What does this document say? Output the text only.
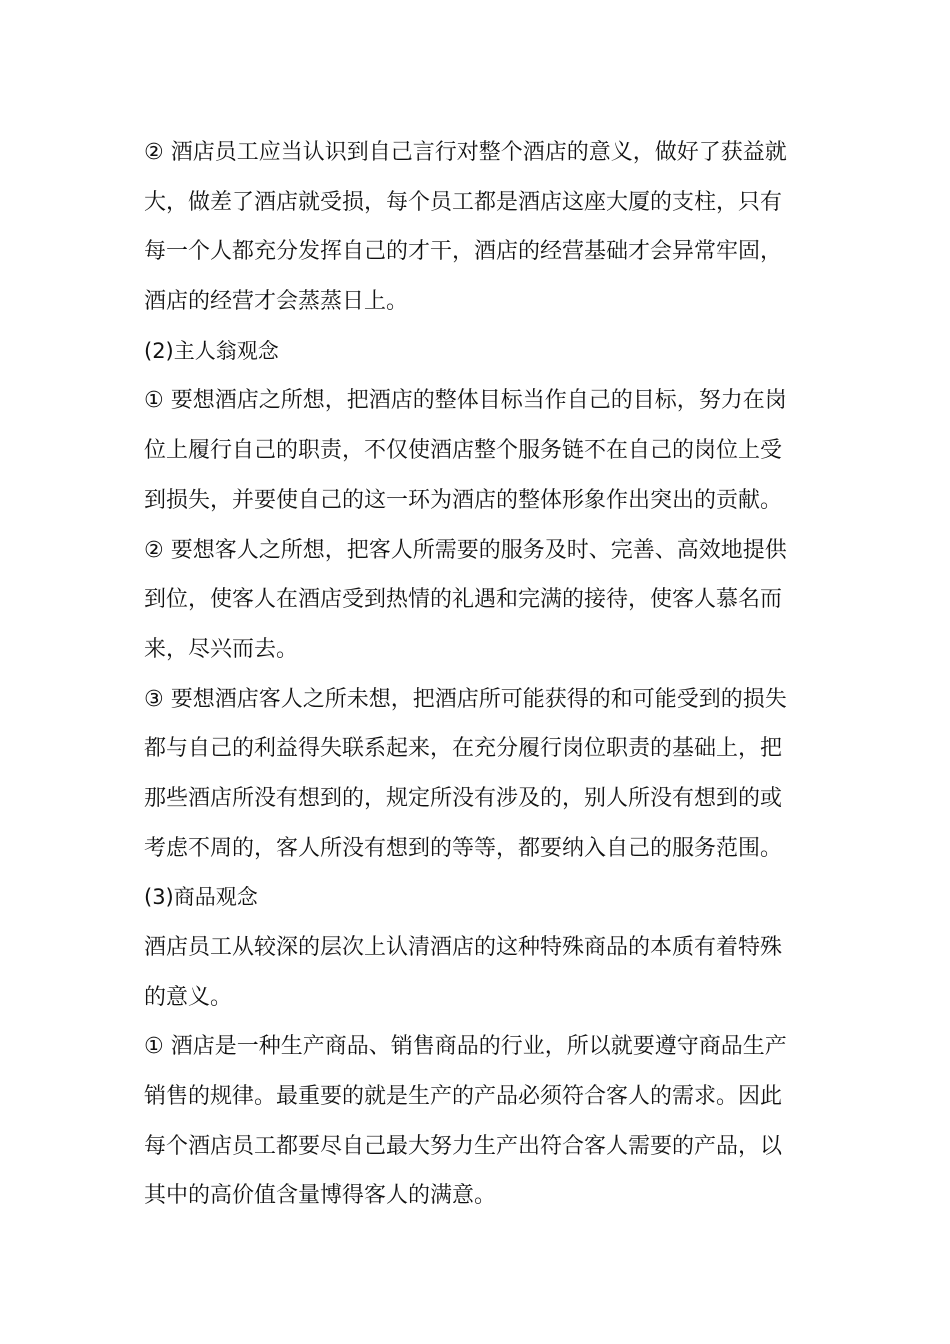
② 酒店员工应当认识到自己言行对整个酒店的意义，做好了获益就
大，做差了酒店就受损，每个员工都是酒店这座大厦的支柱，只有
每一个人都充分发挥自己的才干，酒店的经营基础才会异常牢固，
酒店的经营才会蒸蒸日上。
(2)主人翁观念
① 要想酒店之所想，把酒店的整体目标当作自己的目标，努力在岗
位上履行自己的职责，不仅使酒店整个服务链不在自己的岗位上受
到损失，并要使自己的这一环为酒店的整体形象作出突出的贡献。
② 要想客人之所想，把客人所需要的服务及时、完善、高效地提供
到位，使客人在酒店受到热情的礼遇和完满的接待，使客人慕名而
来，尽兴而去。
③ 要想酒店客人之所未想，把酒店所可能获得的和可能受到的损失
都与自己的利益得失联系起来，在充分履行岗位职责的基础上，把
那些酒店所没有想到的，规定所没有涉及的，别人所没有想到的或
考虑不周的，客人所没有想到的等等，都要纳入自己的服务范围。
(3)商品观念
酒店员工从较深的层次上认清酒店的这种特殊商品的本质有着特殊
的意义。
① 酒店是一种生产商品、销售商品的行业，所以就要遵守商品生产
销售的规律。最重要的就是生产的产品必须符合客人的需求。因此
每个酒店员工都要尽自己最大努力生产出符合客人需要的产品，以
其中的高价值含量博得客人的满意。
